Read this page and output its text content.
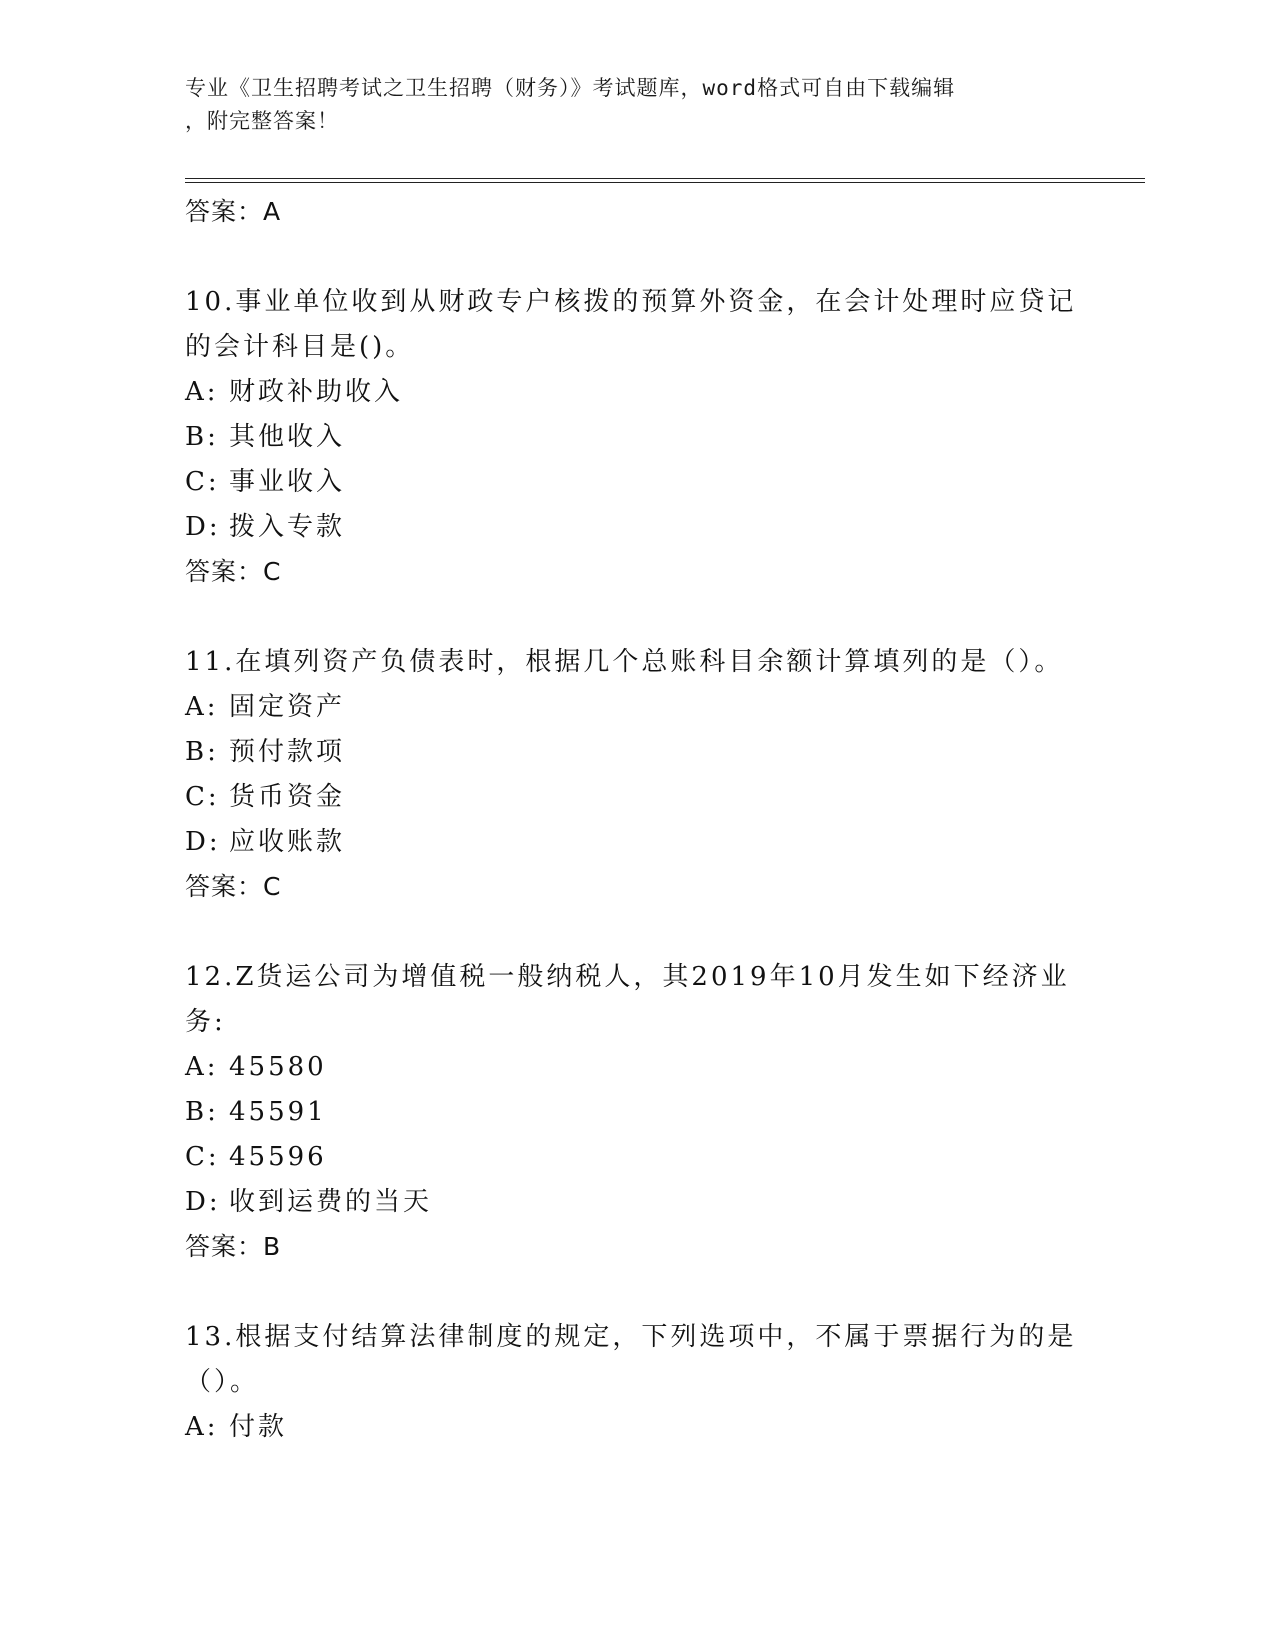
专业《卫生招聘考试之卫生招聘（财务）》考试题库，word格式可自由下载编辑
，附完整答案！
答案：A
10.事业单位收到从财政专户核拨的预算外资金，在会计处理时应贷记
的会计科目是()。
A: 财政补助收入
B: 其他收入
C: 事业收入
D: 拨入专款
答案：C
11.在填列资产负债表时，根据几个总账科目余额计算填列的是（）。
A: 固定资产
B: 预付款项
C: 货币资金
D: 应收账款
答案：C
12.Z货运公司为增值税一般纳税人，其2019年10月发生如下经济业
务:
A: 45580
B: 45591
C: 45596
D: 收到运费的当天
答案：B
13.根据支付结算法律制度的规定，下列选项中，不属于票据行为的是
（）。
A: 付款
